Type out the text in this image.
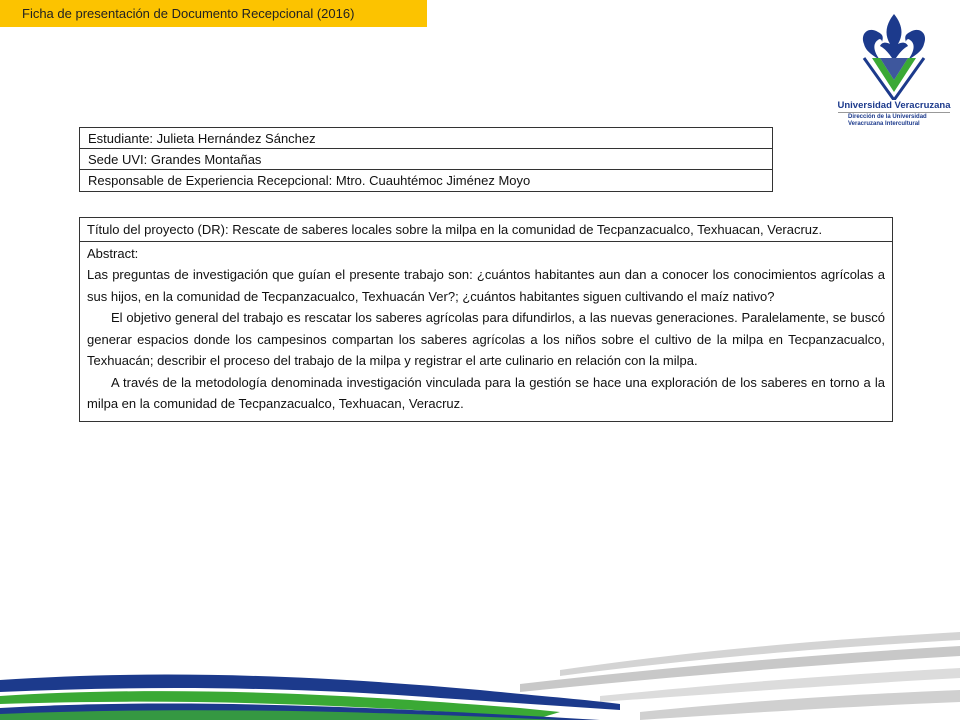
Ficha de presentación de Documento Recepcional (2016)
Universidad Veracruzana
Dirección de la Universidad
Veracruzana Intercultural
Estudiante: Julieta Hernández Sánchez
Sede UVI: Grandes Montañas
Responsable de Experiencia Recepcional: Mtro. Cuauhtémoc Jiménez Moyo
Título del proyecto (DR): Rescate de saberes locales sobre la milpa en la comunidad de Tecpanzacualco, Texhuacan, Veracruz.

Abstract:

Las preguntas de investigación que guían el presente trabajo son: ¿cuántos habitantes aun dan a conocer los conocimientos agrícolas a sus hijos, en la comunidad de Tecpanzacualco, Texhuacán Ver?; ¿cuántos habitantes siguen cultivando el maíz nativo?

El objetivo general del trabajo es rescatar los saberes agrícolas para difundirlos, a las nuevas generaciones. Paralelamente, se buscó generar espacios donde los campesinos compartan los saberes agrícolas a los niños sobre el cultivo de la milpa en Tecpanzacualco, Texhuacán; describir el proceso del trabajo de la milpa y registrar el arte culinario en relación con la milpa.

A través de la metodología denominada investigación vinculada para la gestión se hace una exploración de los saberes en torno a la milpa en la comunidad de Tecpanzacualco, Texhuacan, Veracruz.
